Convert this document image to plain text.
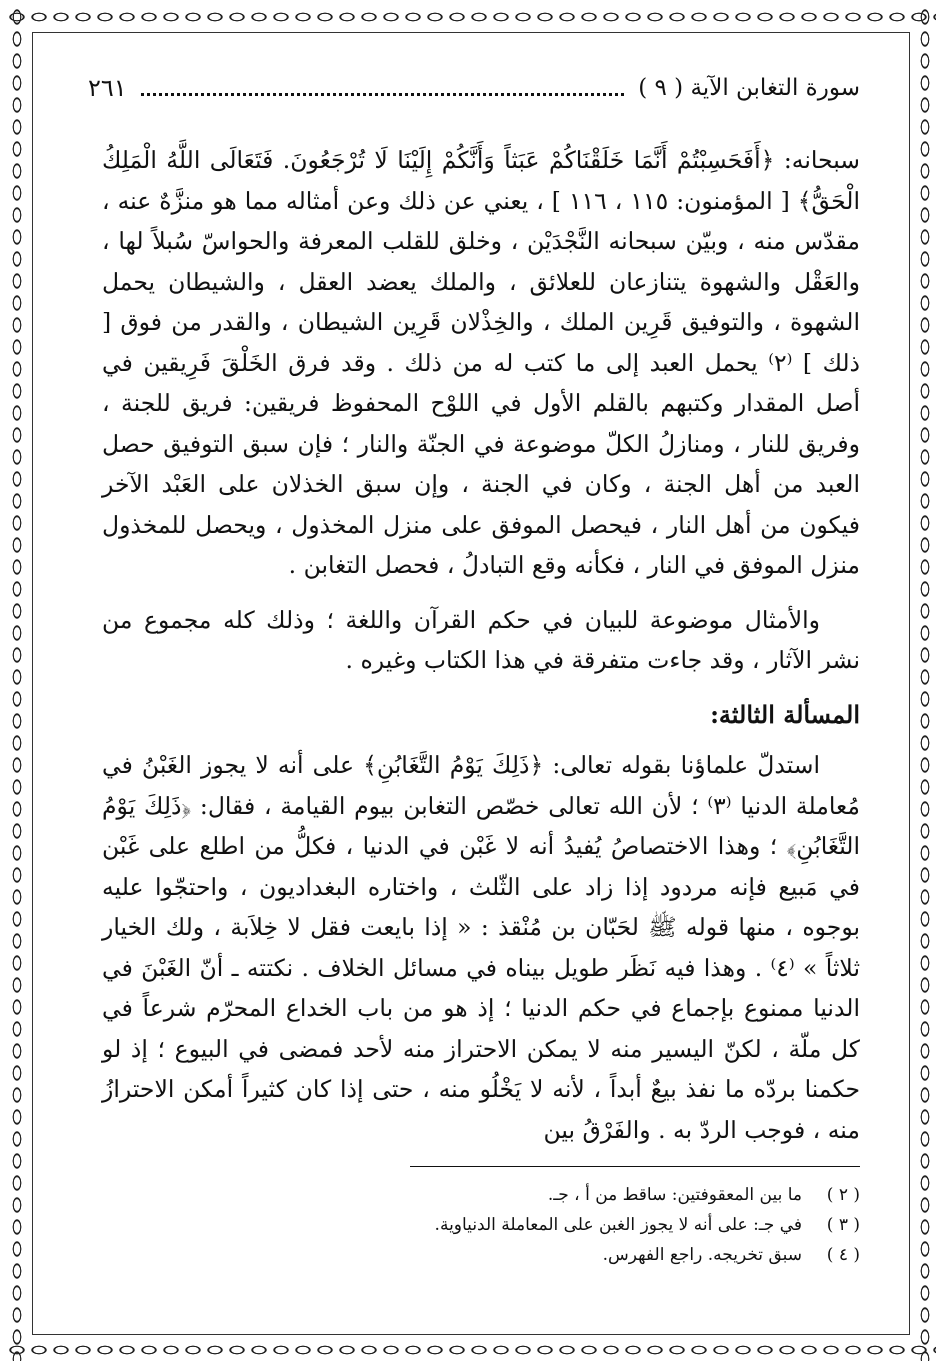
سورة التغابن الآية ( ٩ )
٢٦١

سبحانه: ﴿أَفَحَسِبْتُمْ أَنَّمَا خَلَقْنَاكُمْ عَبَثاً وَأَنَّكُمْ إِلَيْنَا لَا تُرْجَعُونَ. فَتَعَالَى اللَّهُ الْمَلِكُ الْحَقُّ﴾ [ المؤمنون: ١١٥ ، ١١٦ ] ، يعني عن ذلك وعن أمثاله مما هو منزَّهٌ عنه ، مقدّس منه ، وبيّن سبحانه النَّجْدَيْن ، وخلق للقلب المعرفة والحواسّ سُبلاً لها ، والعَقْل والشهوة يتنازعان للعلائق ، والملك يعضد العقل ، والشيطان يحمل الشهوة ، والتوفيق قَرِين الملك ، والخِذْلان قَرِين الشيطان ، والقدر من فوق [ ذلك ] ⁽٢⁾ يحمل العبد إلى ما كتب له من ذلك . وقد فرق الخَلْقَ فَرِيقين في أصل المقدار وكتبهم بالقلم الأول في اللوْح المحفوظ فريقين: فريق للجنة ، وفريق للنار ، ومنازلُ الكلّ موضوعة في الجنّة والنار ؛ فإن سبق التوفيق حصل العبد من أهل الجنة ، وكان في الجنة ، وإن سبق الخذلان على العَبْد الآخر فيكون من أهل النار ، فيحصل الموفق على منزل المخذول ، ويحصل للمخذول منزل الموفق في النار ، فكأنه وقع التبادلُ ، فحصل التغابن .

والأمثال موضوعة للبيان في حكم القرآن واللغة ؛ وذلك كله مجموع من نشر الآثار ، وقد جاءت متفرقة في هذا الكتاب وغيره .

المسألة الثالثة:

استدلّ علماؤنا بقوله تعالى: ﴿ذَلِكَ يَوْمُ التَّغَابُنِ﴾ على أنه لا يجوز الغَبْنُ في مُعاملة الدنيا ⁽٣⁾ ؛ لأن الله تعالى خصّص التغابن بيوم القيامة ، فقال: ﴿ذَلِكَ يَوْمُ التَّغَابُنِ﴾ ؛ وهذا الاختصاصُ يُفيدُ أنه لا غَبْن في الدنيا ، فكلُّ من اطلع على غَبْن في مَبيع فإنه مردود إذا زاد على الثّلث ، واختاره البغداديون ، واحتجّوا عليه بوجوه ، منها قوله ﷺ لحَبّان بن مُنْقذ : « إذا بايعت فقل لا خِلاَبة ، ولك الخيار ثلاثاً » ⁽٤⁾ . وهذا فيه نَظَر طويل بيناه في مسائل الخلاف . نكتته ـ أنّ الغَبْنَ في الدنيا ممنوع بإجماع في حكم الدنيا ؛ إذ هو من باب الخداع المحرّم شرعاً في كل ملّة ، لكنّ اليسير منه لا يمكن الاحتراز منه لأحد فمضى في البيوع ؛ إذ لو حكمنا بردّه ما نفذ بيعٌ أبداً ، لأنه لا يَخْلُو منه ، حتى إذا كان كثيراً أمكن الاحترازُ منه ، فوجب الردّ به . والفَرْقُ بين

( ٢ )
ما بين المعقوفتين: ساقط من أ ، جـ.
( ٣ )
في جـ: على أنه لا يجوز الغبن على المعاملة الدنياوية.
( ٤ )
سبق تخريجه. راجع الفهرس.
